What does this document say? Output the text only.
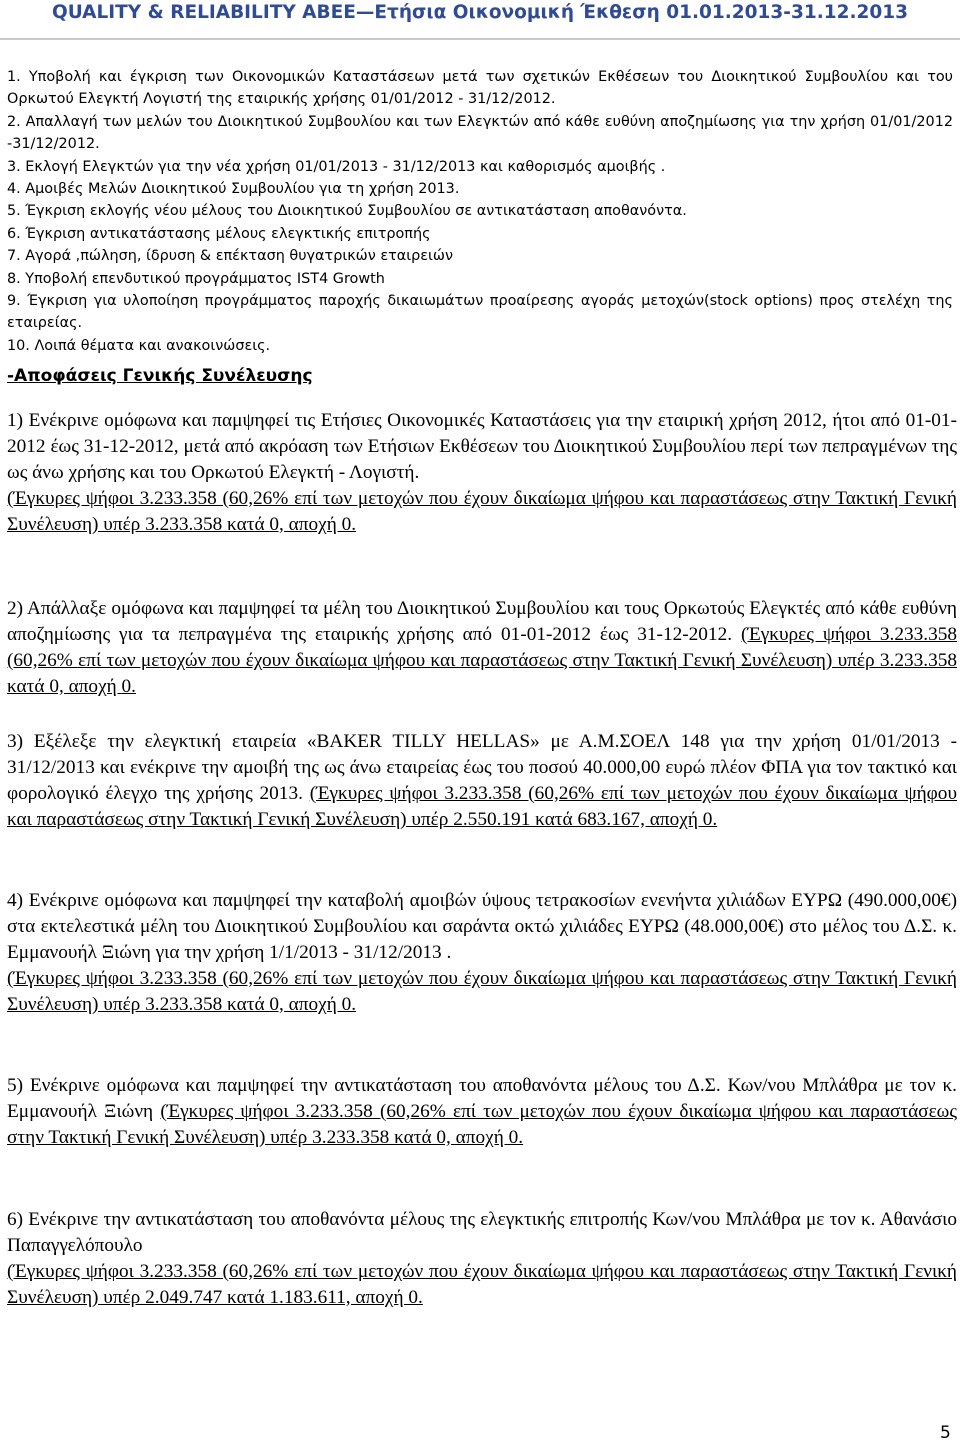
QUALITY & RELIABILITY ABEE—Ετήσια Οικονομική Έκθεση 01.01.2013-31.12.2013

1. Υποβολή και έγκριση των Οικονομικών Καταστάσεων μετά των σχετικών Εκθέσεων του Διοικητικού Συμβουλίου και του Ορκωτού Ελεγκτή Λογιστή της εταιρικής χρήσης 01/01/2012 - 31/12/2012.

2. Απαλλαγή των μελών του Διοικητικού Συμβουλίου και των Ελεγκτών από κάθε ευθύνη αποζημίωσης για την χρήση 01/01/2012 -31/12/2012.

3. Εκλογή Ελεγκτών για την νέα χρήση 01/01/2013 - 31/12/2013 και καθορισμός αμοιβής .

4. Αμοιβές Μελών Διοικητικού Συμβουλίου για τη χρήση 2013.

5. Έγκριση εκλογής νέου μέλους του Διοικητικού Συμβουλίου σε αντικατάσταση αποθανόντα.

6. Έγκριση αντικατάστασης μέλους ελεγκτικής επιτροπής

7. Αγορά ,πώληση, ίδρυση & επέκταση θυγατρικών εταιρειών

8. Υποβολή επενδυτικού προγράμματος IST4 Growth

9. Έγκριση για υλοποίηση προγράμματος παροχής δικαιωμάτων προαίρεσης αγοράς μετοχών(stock options) προς στελέχη της εταιρείας.

10. Λοιπά θέματα και ανακοινώσεις.

-Αποφάσεις Γενικής Συνέλευσης

1) Ενέκρινε ομόφωνα και παμψηφεί τις Ετήσιες Οικονομικές Καταστάσεις για την εταιρική χρήση 2012, ήτοι από 01-01-2012 έως 31-12-2012, μετά από ακρόαση των Ετήσιων Εκθέσεων του Διοικητικού Συμβουλίου περί των πεπραγμένων της ως άνω χρήσης και του Ορκωτού Ελεγκτή - Λογιστή.

(Έγκυρες ψήφοι 3.233.358 (60,26% επί των μετοχών που έχουν δικαίωμα ψήφου και παραστάσεως στην Τακτική Γενική Συνέλευση) υπέρ 3.233.358 κατά 0, αποχή 0.

2) Απάλλαξε ομόφωνα και παμψηφεί τα μέλη του Διοικητικού Συμβουλίου και τους Ορκωτούς Ελεγκτές από κάθε ευθύνη αποζημίωσης για τα πεπραγμένα της εταιρικής χρήσης από 01-01-2012 έως 31-12-2012. (Έγκυρες ψήφοι 3.233.358 (60,26% επί των μετοχών που έχουν δικαίωμα ψήφου και παραστάσεως στην Τακτική Γενική Συνέλευση) υπέρ 3.233.358 κατά 0, αποχή 0.

3) Εξέλεξε την ελεγκτική εταιρεία «BAKER TILLY HELLAS» με Α.Μ.ΣΟΕΛ 148 για την χρήση 01/01/2013 - 31/12/2013 και ενέκρινε την αμοιβή της ως άνω εταιρείας έως του ποσού 40.000,00 ευρώ πλέον ΦΠΑ για τον τακτικό και φορολογικό έλεγχο της χρήσης 2013. (Έγκυρες ψήφοι 3.233.358 (60,26% επί των μετοχών που έχουν δικαίωμα ψήφου και παραστάσεως στην Τακτική Γενική Συνέλευση) υπέρ 2.550.191 κατά 683.167, αποχή 0.

4) Ενέκρινε ομόφωνα και παμψηφεί την καταβολή αμοιβών ύψους τετρακοσίων ενενήντα χιλιάδων ΕΥΡΩ (490.000,00€) στα εκτελεστικά μέλη του Διοικητικού Συμβουλίου και σαράντα οκτώ χιλιάδες ΕΥΡΩ (48.000,00€) στο μέλος του Δ.Σ. κ. Εμμανουήλ Ξιώνη για την χρήση 1/1/2013 - 31/12/2013 .

(Έγκυρες ψήφοι 3.233.358 (60,26% επί των μετοχών που έχουν δικαίωμα ψήφου και παραστάσεως στην Τακτική Γενική Συνέλευση) υπέρ 3.233.358 κατά 0, αποχή 0.

5) Ενέκρινε ομόφωνα και παμψηφεί την αντικατάσταση του αποθανόντα μέλους του Δ.Σ. Κων/νου Μπλάθρα με τον κ. Εμμανουήλ Ξιώνη (Έγκυρες ψήφοι 3.233.358 (60,26% επί των μετοχών που έχουν δικαίωμα ψήφου και παραστάσεως στην Τακτική Γενική Συνέλευση) υπέρ 3.233.358 κατά 0, αποχή 0.

6) Ενέκρινε την αντικατάσταση του αποθανόντα μέλους της ελεγκτικής επιτροπής Κων/νου Μπλάθρα με τον κ. Αθανάσιο Παπαγγελόπουλο

(Έγκυρες ψήφοι 3.233.358 (60,26% επί των μετοχών που έχουν δικαίωμα ψήφου και παραστάσεως στην Τακτική Γενική Συνέλευση) υπέρ 2.049.747 κατά 1.183.611, αποχή 0.

5
